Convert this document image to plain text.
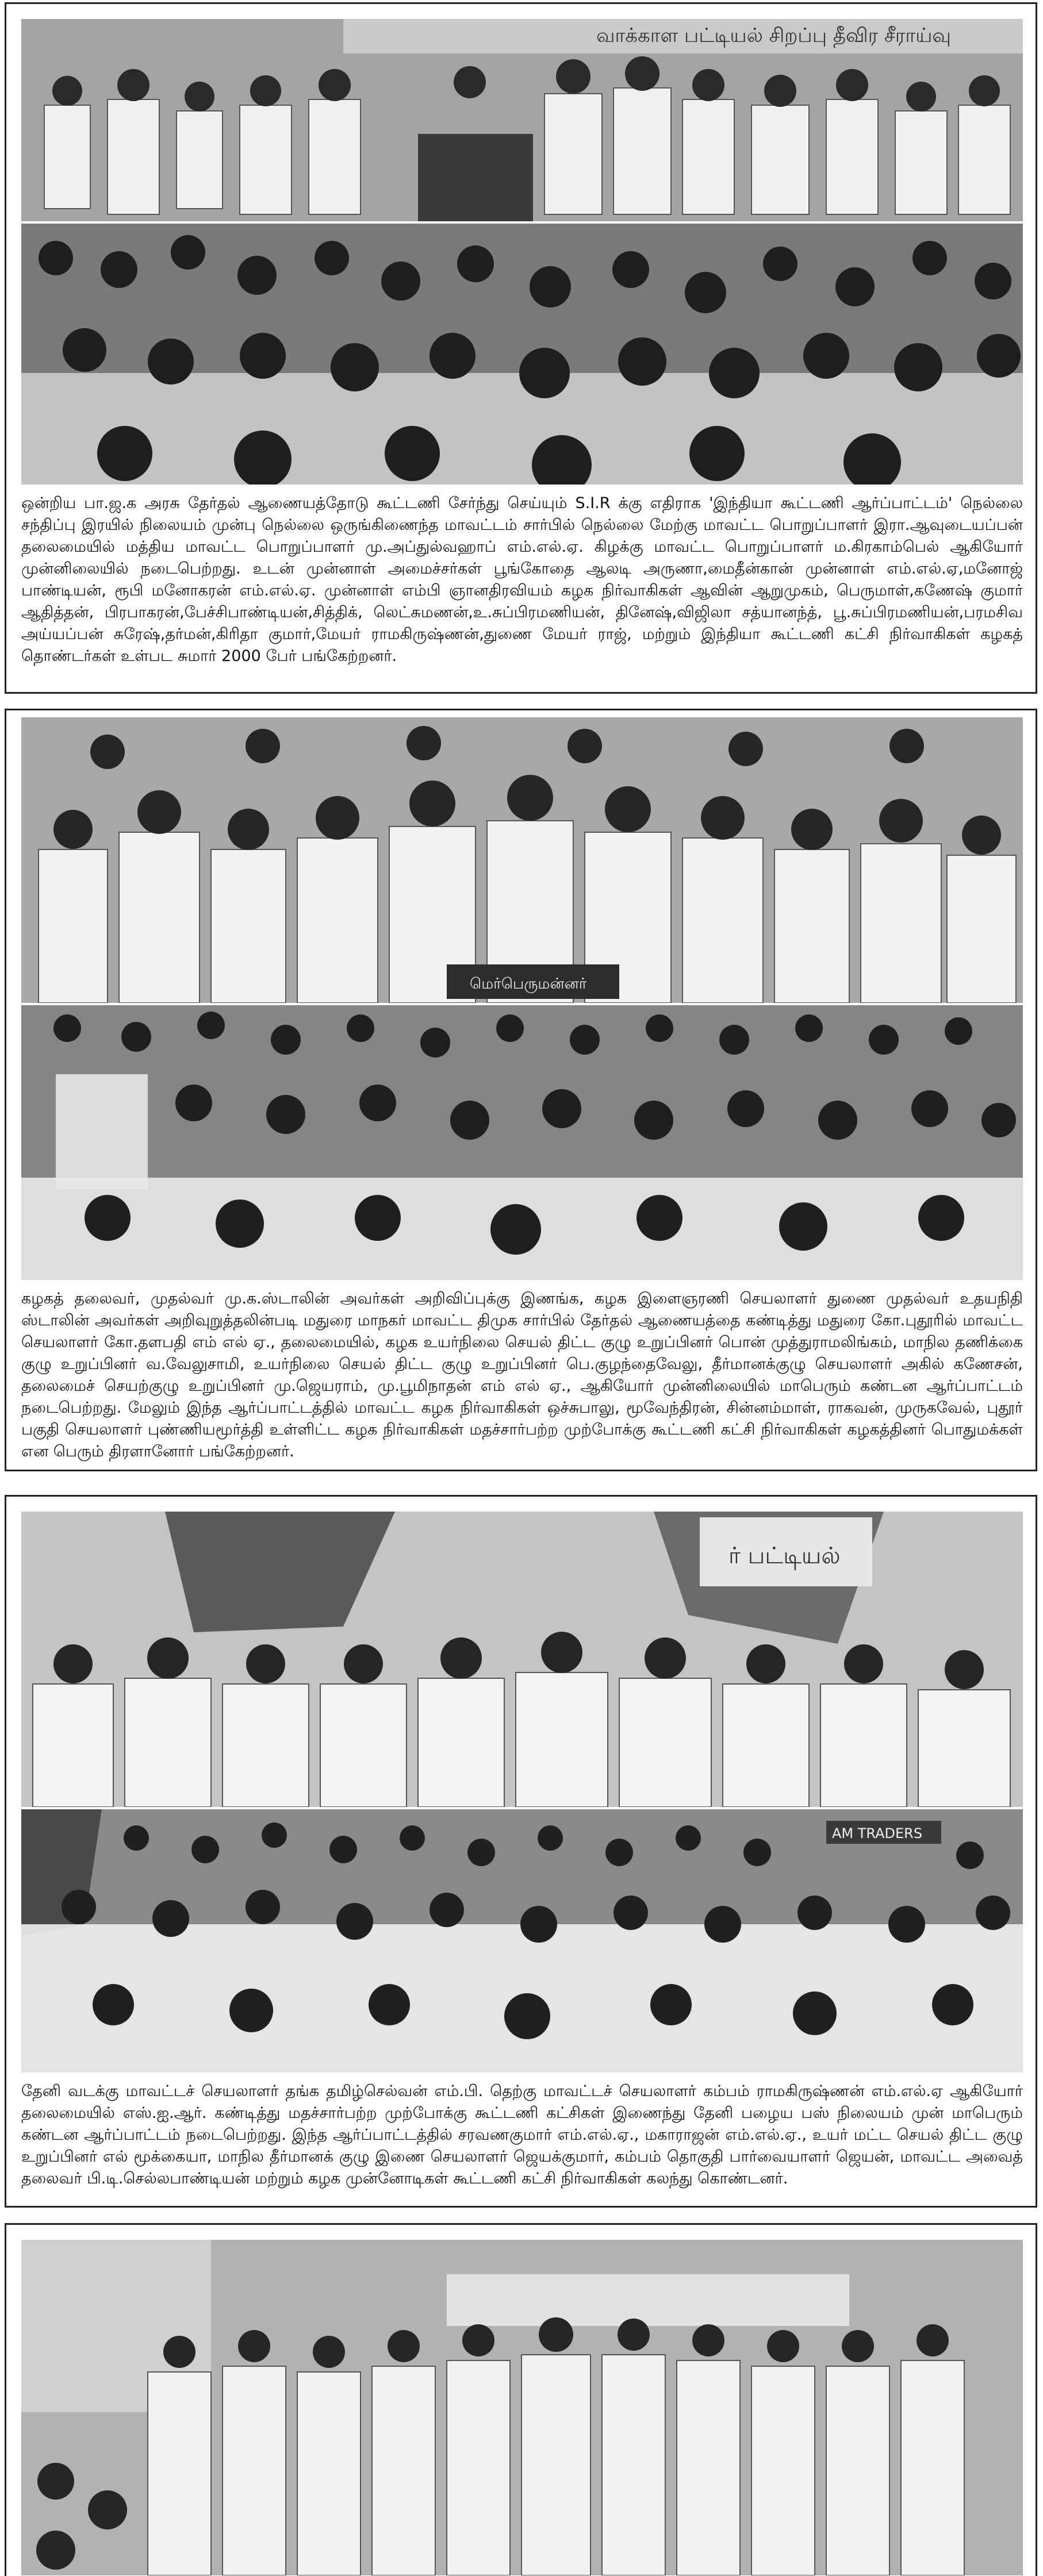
வாக்காள பட்டியல் சிறப்பு தீவிர சீராய்வு

ஒன்றிய பா.ஜ.க அரசு தேர்தல் ஆணையத்தோடு கூட்டணி சேர்ந்து செய்யும் S.I.R க்கு எதிராக 'இந்தியா கூட்டணி ஆர்ப்பாட்டம்' நெல்லை சந்திப்பு இரயில் நிலையம் முன்பு நெல்லை ஒருங்கிணைந்த மாவட்டம் சார்பில் நெல்லை மேற்கு மாவட்ட பொறுப்பாளர் இரா.ஆவுடையப்பன் தலைமையில் மத்திய மாவட்ட பொறுப்பாளர் மு.அப்துல்வஹாப் எம்.எல்.ஏ. கிழக்கு மாவட்ட பொறுப்பாளர் ம.கிரகாம்பெல் ஆகியோர் முன்னிலையில் நடைபெற்றது. உடன் முன்னாள் அமைச்சர்கள் பூங்கோதை ஆலடி அருணா,மைதீன்கான் முன்னாள் எம்.எல்.ஏ,மனோஜ் பாண்டியன், ரூபி மனோகரன் எம்.எல்.ஏ. முன்னாள் எம்பி ஞானதிரவியம் கழக நிர்வாகிகள் ஆவின் ஆறுமுகம், பெருமாள்,கணேஷ் குமார் ஆதித்தன், பிரபாகரன்,பேச்சிபாண்டியன்,சித்திக், லெட்சுமணன்,உ.சுப்பிரமணியன், தினேஷ்,விஜிலா சத்யானந்த், பூ.சுப்பிரமணியன்,பரமசிவ அய்யப்பன் சுரேஷ்,தர்மன்,கிரிதா குமார்,மேயர் ராமகிருஷ்ணன்,துணை மேயர் ராஜ், மற்றும் இந்தியா கூட்டணி கட்சி நிர்வாகிகள் கழகத் தொண்டர்கள் உள்பட சுமார் 2000 பேர் பங்கேற்றனர்.

மெர்பெருமன்னர்

கழகத் தலைவர், முதல்வர் மு.க.ஸ்டாலின் அவர்கள் அறிவிப்புக்கு இணங்க, கழக இளைஞரணி செயலாளர் துணை முதல்வர் உதயநிதி ஸ்டாலின் அவர்கள் அறிவுறுத்தலின்படி மதுரை மாநகர் மாவட்ட திமுக சார்பில் தேர்தல் ஆணையத்தை கண்டித்து மதுரை கோ.புதூரில் மாவட்ட செயலாளர் கோ.தளபதி எம் எல் ஏ., தலைமையில், கழக உயர்நிலை செயல் திட்ட குழு உறுப்பினர் பொன் முத்துராமலிங்கம், மாநில தணிக்கை குழு உறுப்பினர் வ.வேலுசாமி, உயர்நிலை செயல் திட்ட குழு உறுப்பினர் பெ.குழந்தைவேலு, தீர்மானக்குழு செயலாளர் அகில் கணேசன், தலைமைச் செயற்குழு உறுப்பினர் மு.ஜெயராம், மு.பூமிநாதன் எம் எல் ஏ., ஆகியோர் முன்னிலையில் மாபெரும் கண்டன ஆர்ப்பாட்டம் நடைபெற்றது. மேலும் இந்த ஆர்ப்பாட்டத்தில் மாவட்ட கழக நிர்வாகிகள் ஒச்சுபாலு, மூவேந்திரன், சின்னம்மாள், ராகவன், முருகவேல், புதூர் பகுதி செயலாளர் புண்ணியமூர்த்தி உள்ளிட்ட கழக நிர்வாகிகள் மதச்சார்பற்ற முற்போக்கு கூட்டணி கட்சி நிர்வாகிகள் கழகத்தினர் பொதுமக்கள் என பெரும் திரளானோர் பங்கேற்றனர்.

ர் பட்டியல்
AM TRADERS

தேனி வடக்கு மாவட்டச் செயலாளர் தங்க தமிழ்செல்வன் எம்.பி. தெற்கு மாவட்டச் செயலாளர் கம்பம் ராமகிருஷ்ணன் எம்.எல்.ஏ ஆகியோர் தலைமையில் எஸ்.ஐ.ஆர். கண்டித்து மதச்சார்பற்ற முற்போக்கு கூட்டணி கட்சிகள் இணைந்து தேனி பழைய பஸ் நிலையம் முன் மாபெரும் கண்டன ஆர்ப்பாட்டம் நடைபெற்றது. இந்த ஆர்ப்பாட்டத்தில் சரவணகுமார் எம்.எல்.ஏ., மகாராஜன் எம்.எல்.ஏ., உயர் மட்ட செயல் திட்ட குழு உறுப்பினர் எல் மூக்கையா, மாநில தீர்மானக் குழு இணை செயலாளர் ஜெயக்குமார், கம்பம் தொகுதி பார்வையாளர் ஜெயன், மாவட்ட அவைத் தலைவர் பி.டி.செல்லபாண்டியன் மற்றும் கழக முன்னோடிகள் கூட்டணி கட்சி நிர்வாகிகள் கலந்து கொண்டனர்.
